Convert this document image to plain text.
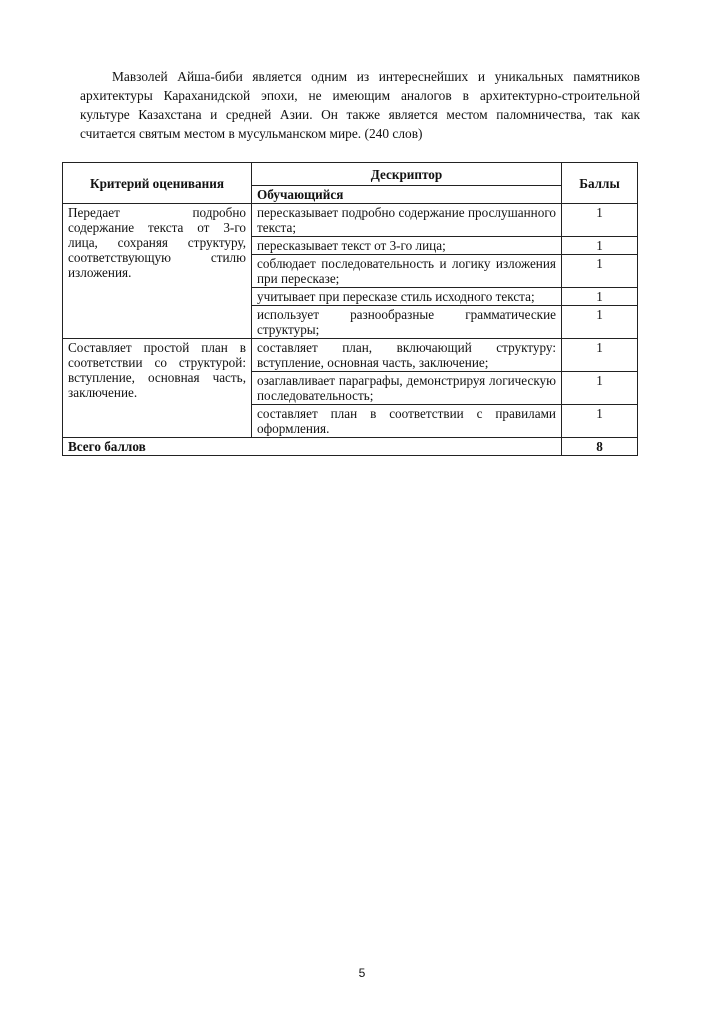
Мавзолей Айша-биби является одним из интереснейших и уникальных памятников архитектуры Караханидской эпохи, не имеющим аналогов в архитектурно-строительной культуре Казахстана и средней Азии. Он также является местом паломничества, так как считается святым местом в мусульманском мире. (240 слов)

Критерий оценивания	Дескриптор	Баллы
	Обучающийся	
Передает подробно содержание текста от 3-го лица, сохраняя структуру, соответствующую стилю изложения.	пересказывает подробно содержание прослушанного текста;	1
	пересказывает текст от 3-го лица;	1
	соблюдает последовательность и логику изложения при пересказе;	1
	учитывает при пересказе стиль исходного текста;	1
	использует разнообразные грамматические структуры;	1
Составляет простой план в соответствии со структурой: вступление, основная часть, заключение.	составляет план, включающий структуру: вступление, основная часть, заключение;	1
	озаглавливает параграфы, демонстрируя логическую последовательность;	1
	составляет план в соответствии с правилами оформления.	1
Всего баллов		8
5
